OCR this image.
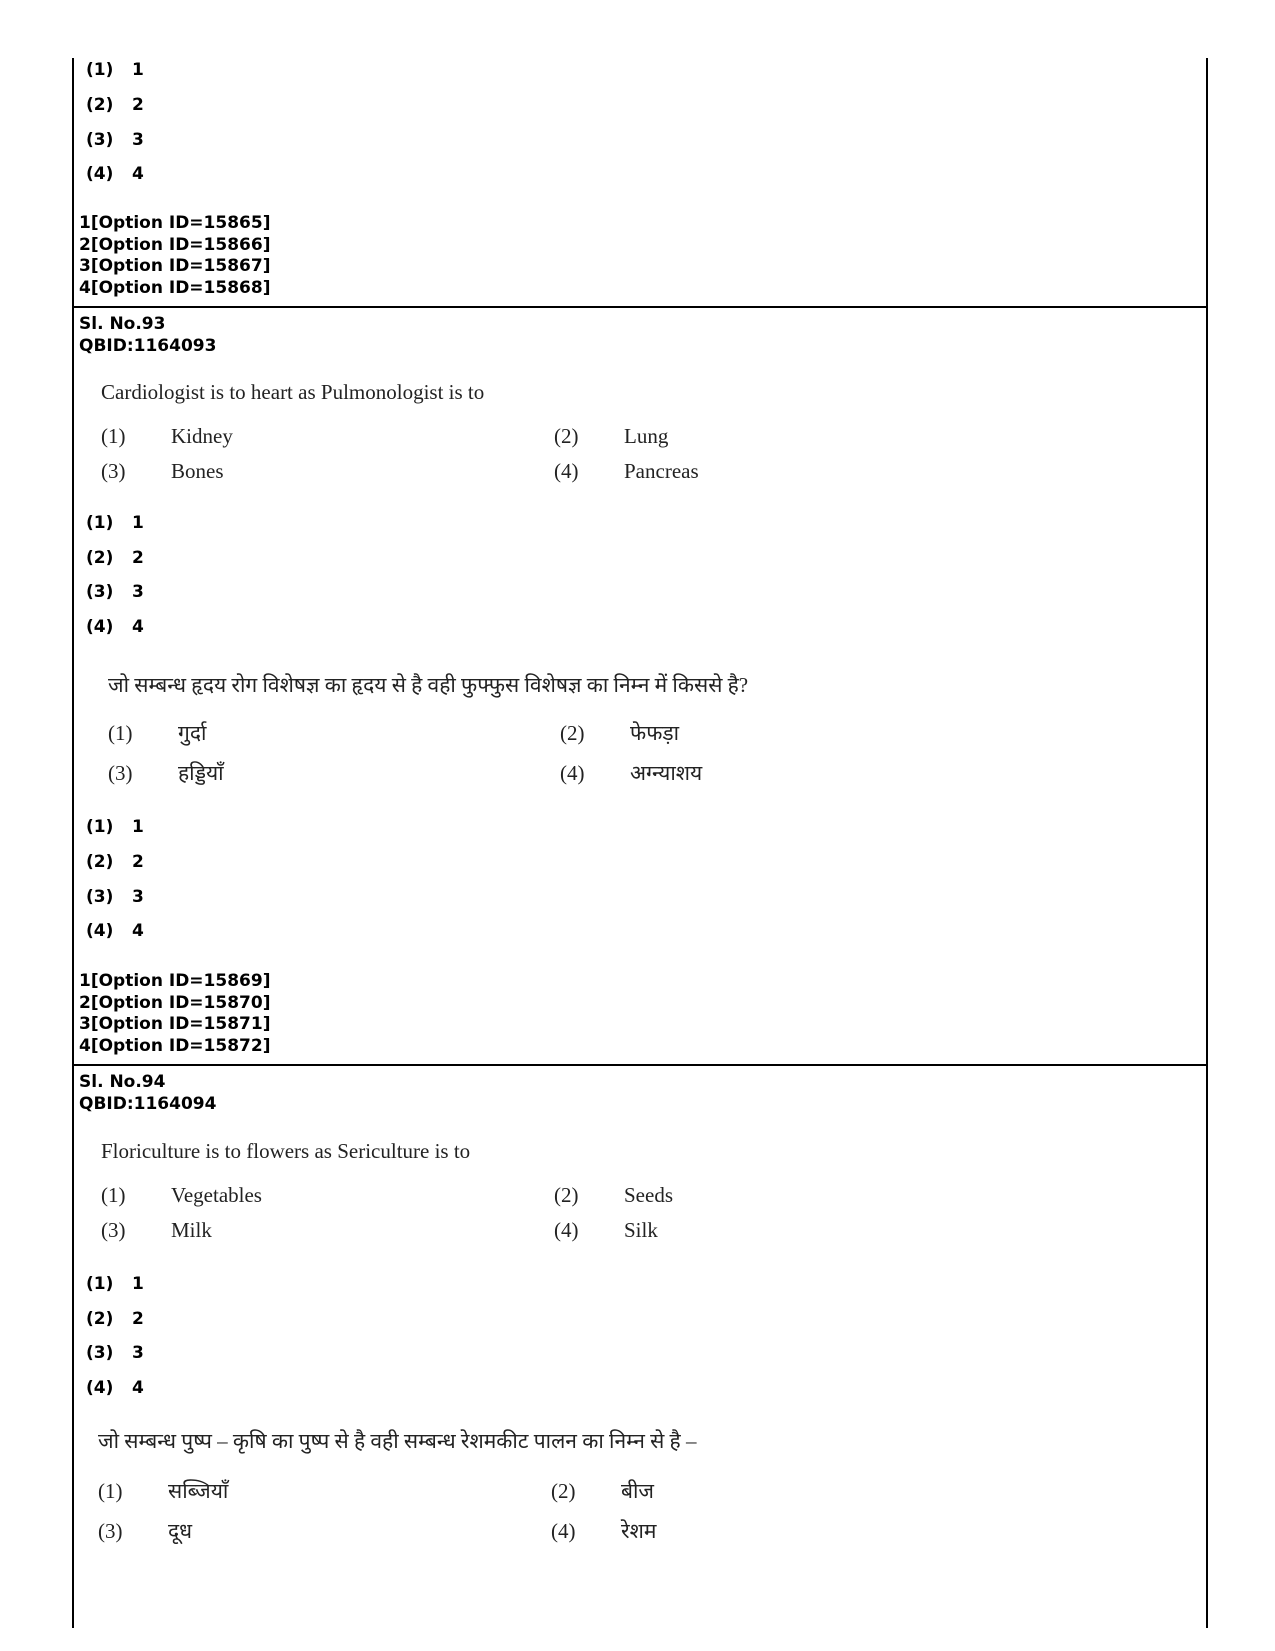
(1) 1
(2) 2
(3) 3
(4) 4
1[Option ID=15865]
2[Option ID=15866]
3[Option ID=15867]
4[Option ID=15868]
Sl. No.93
QBID:1164093
Cardiologist is to heart as Pulmonologist is to
(1) Kidney	(2) Lung
(3) Bones	(4) Pancreas
(1) 1
(2) 2
(3) 3
(4) 4
जो सम्बन्ध हृदय रोग विशेषज्ञ का हृदय से है वही फुफ्फुस विशेषज्ञ का निम्न में किससे है?
(1) गुर्दा	(2) फेफड़ा
(3) हड्डियाँ	(4) अग्न्याशय
(1) 1
(2) 2
(3) 3
(4) 4
1[Option ID=15869]
2[Option ID=15870]
3[Option ID=15871]
4[Option ID=15872]
Sl. No.94
QBID:1164094
Floriculture is to flowers as Sericulture is to
(1) Vegetables	(2) Seeds
(3) Milk	(4) Silk
(1) 1
(2) 2
(3) 3
(4) 4
जो सम्बन्ध पुष्प – कृषि का पुष्प से है वही सम्बन्ध रेशमकीट पालन का निम्न से है –
(1) सब्जियाँ	(2) बीज
(3) दूध	(4) रेशम
